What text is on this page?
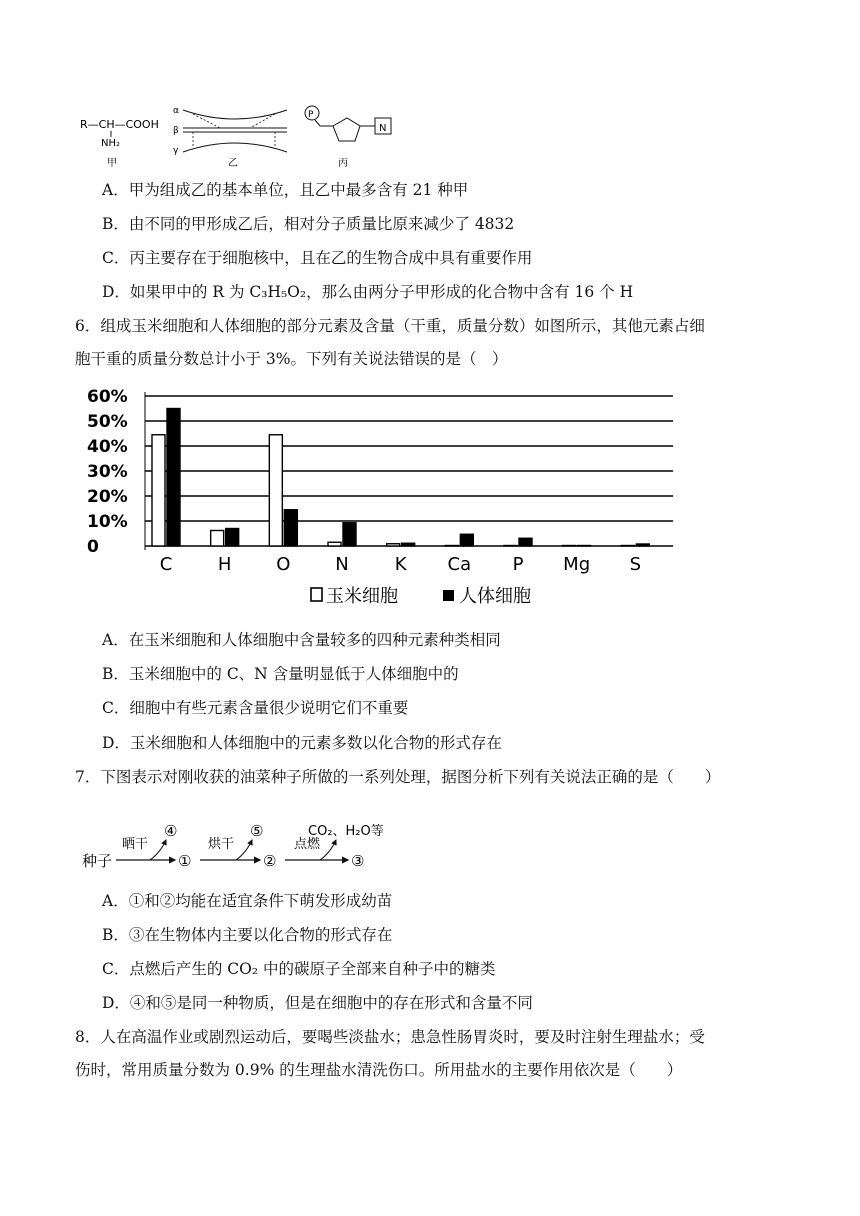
R—CH—COOH
NH₂
甲
α
β
γ
乙
P
N
丙
A．甲为组成乙的基本单位，且乙中最多含有 21 种甲
B．由不同的甲形成乙后，相对分子质量比原来减少了 4832
C．丙主要存在于细胞核中，且在乙的生物合成中具有重要作用
D．如果甲中的 R 为 C₃H₅O₂，那么由两分子甲形成的化合物中含有 16 个 H
6．组成玉米细胞和人体细胞的部分元素及含量（干重，质量分数）如图所示，其他元素占细
胞干重的质量分数总计小于 3%。下列有关说法错误的是（　）
0
10%
20%
30%
40%
50%
60%
C	H O N	K Ca P Mg S
玉米细胞	人体细胞
A．在玉米细胞和人体细胞中含量较多的四种元素种类相同
B．玉米细胞中的 C、N 含量明显低于人体细胞中的
C．细胞中有些元素含量很少说明它们不重要
D．玉米细胞和人体细胞中的元素多数以化合物的形式存在
7．下图表示对刚收获的油菜种子所做的一系列处理，据图分析下列有关说法正确的是（　　）
种子
晒干
④
①
烘干
⑤
②
点燃
CO₂、H₂O等
③
A．①和②均能在适宜条件下萌发形成幼苗
B．③在生物体内主要以化合物的形式存在
C．点燃后产生的 CO₂ 中的碳原子全部来自种子中的糖类
D．④和⑤是同一种物质，但是在细胞中的存在形式和含量不同
8．人在高温作业或剧烈运动后，要喝些淡盐水；患急性肠胃炎时，要及时注射生理盐水；受
伤时，常用质量分数为 0.9% 的生理盐水清洗伤口。所用盐水的主要作用依次是（　　）
